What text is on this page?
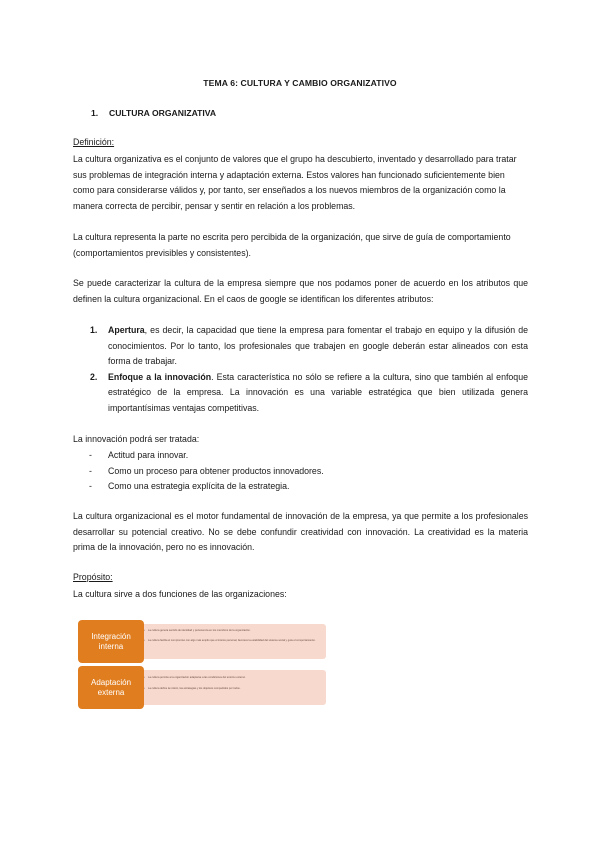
TEMA 6: CULTURA Y CAMBIO ORGANIZATIVO
1. CULTURA ORGANIZATIVA
Definición:
La cultura organizativa es el conjunto de valores que el grupo ha descubierto, inventado y desarrollado para tratar sus problemas de integración interna y adaptación externa. Estos valores han funcionado suficientemente bien como para considerarse válidos y, por tanto, ser enseñados a los nuevos miembros de la organización como la manera correcta de percibir, pensar y sentir en relación a los problemas.
La cultura representa la parte no escrita pero percibida de la organización, que sirve de guía de comportamiento (comportamientos previsibles y consistentes).
Se puede caracterizar la cultura de la empresa siempre que nos podamos poner de acuerdo en los atributos que definen la cultura organizacional. En el caos de google se identifican los diferentes atributos:
1. Apertura, es decir, la capacidad que tiene la empresa para fomentar el trabajo en equipo y la difusión de conocimientos. Por lo tanto, los profesionales que trabajen en google deberán estar alineados con esta forma de trabajar.
2. Enfoque a la innovación. Esta característica no sólo se refiere a la cultura, sino que también al enfoque estratégico de la empresa. La innovación es una variable estratégica que bien utilizada genera importantísimas ventajas competitivas.
La innovación podrá ser tratada:
- Actitud para innovar.
- Como un proceso para obtener productos innovadores.
- Como una estrategia explícita de la estrategia.
La cultura organizacional es el motor fundamental de innovación de la empresa, ya que permite a los profesionales desarrollar su potencial creativo. No se debe confundir creatividad con innovación. La creatividad es la materia prima de la innovación, pero no es innovación.
Propósito:
La cultura sirve a dos funciones de las organizaciones:
Integración interna
• La cultura genera sentido de identidad y pertenencia en los miembros de la organización.
• La cultura facilita el compromiso con algo más amplio que el interés personal, favorece la estabilidad del sistema social y guía el comportamiento.
Adaptación externa
• La cultura permite a la organización adaptarse a las condiciones del entorno externo.
• La cultura define la misión, las estrategias y los objetivos compartidos por todos.
